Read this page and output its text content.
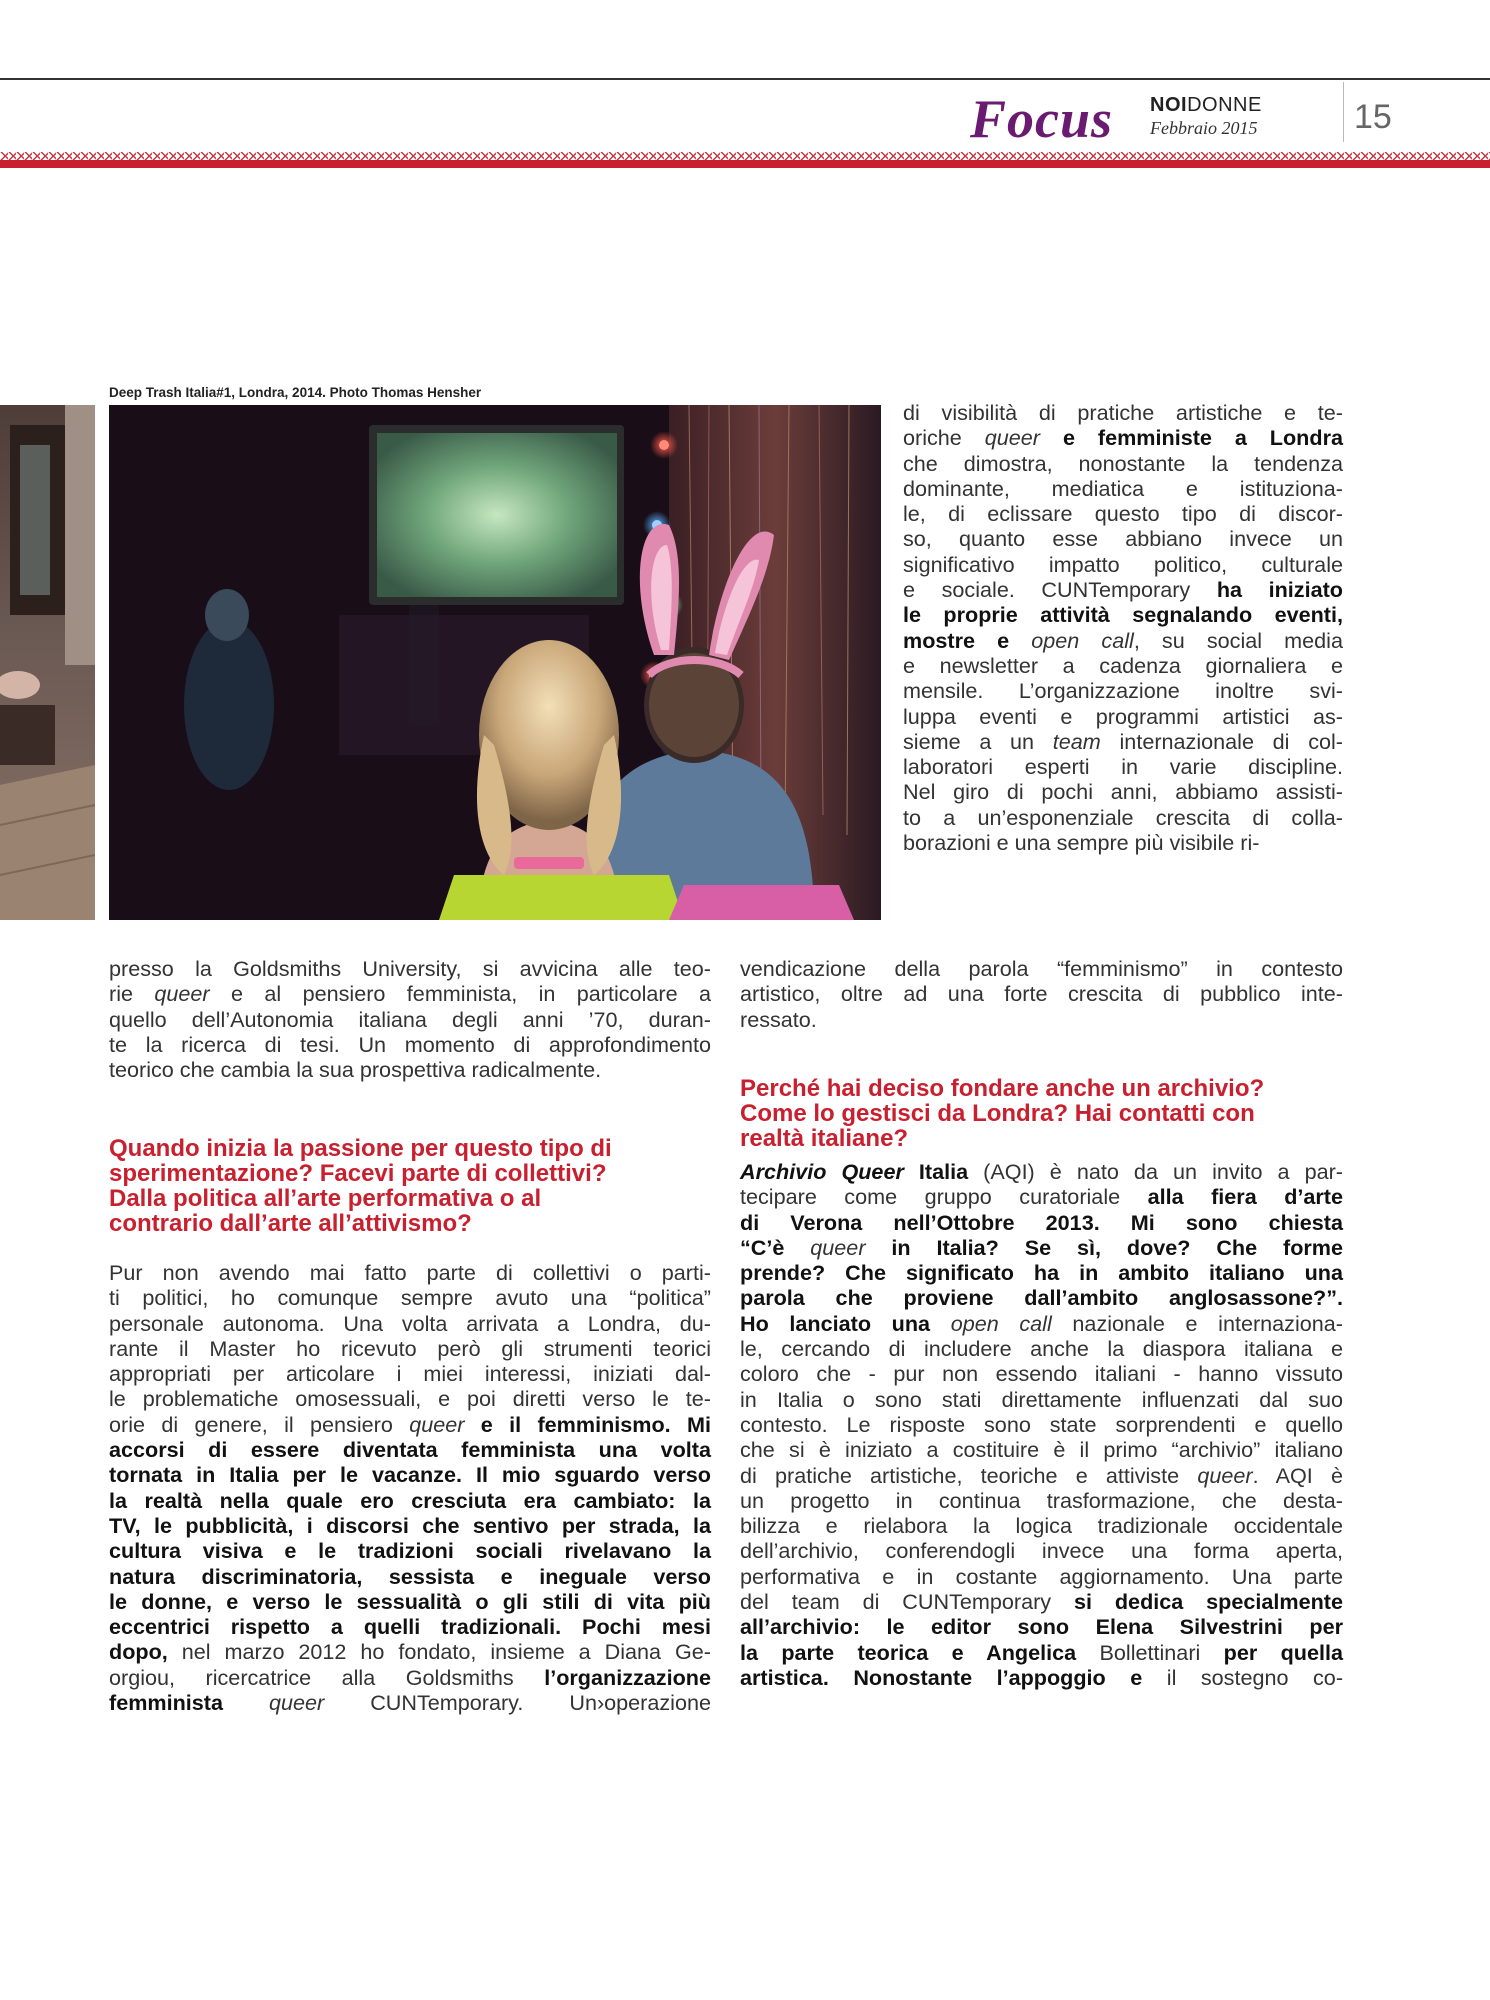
Focus NOIDONNE
Febbraio 2015	15
Deep Trash Italia#1, Londra, 2014. Photo Thomas Hensher
di visibilità di pratiche artistiche e te-
oriche queer e femministe a Londra
che dimostra, nonostante la tendenza
dominante, mediatica e istituziona-
le, di eclissare questo tipo di discor-
so, quanto esse abbiano invece un
significativo impatto politico, culturale
e sociale. CUNTemporary ha iniziato
le proprie attività segnalando eventi,
mostre e open call, su social media
e newsletter a cadenza giornaliera e
mensile. L’organizzazione inoltre svi-
luppa eventi e programmi artistici as-
sieme a un team internazionale di col-
laboratori esperti in varie discipline.
Nel giro di pochi anni, abbiamo assisti-
to a un’esponenziale crescita di colla-
borazioni e una sempre più visibile ri-
vendicazione della parola “femminismo” in contesto
artistico, oltre ad una forte crescita di pubblico inte-
ressato.
presso la Goldsmiths University, si avvicina alle teo-
rie queer e al pensiero femminista, in particolare a
quello dell’Autonomia italiana degli anni ’70, duran-
te la ricerca di tesi. Un momento di approfondimento
teorico che cambia la sua prospettiva radicalmente.
Quando inizia la passione per questo tipo di
sperimentazione? Facevi parte di collettivi?
Dalla politica all’arte performativa o al
contrario dall’arte all’attivismo?
Pur non avendo mai fatto parte di collettivi o parti-
ti politici, ho comunque sempre avuto una “politica”
personale autonoma. Una volta arrivata a Londra, du-
rante il Master ho ricevuto però gli strumenti teorici
appropriati per articolare i miei interessi, iniziati dal-
le problematiche omosessuali, e poi diretti verso le te-
orie di genere, il pensiero queer e il femminismo. Mi
accorsi di essere diventata femminista una volta
tornata in Italia per le vacanze. Il mio sguardo verso
la realtà nella quale ero cresciuta era cambiato: la
TV, le pubblicità, i discorsi che sentivo per strada, la
cultura visiva e le tradizioni sociali rivelavano la
natura discriminatoria, sessista e ineguale verso
le donne, e verso le sessualità o gli stili di vita più
eccentrici rispetto a quelli tradizionali. Pochi mesi
dopo, nel marzo 2012 ho fondato, insieme a Diana Ge-
orgiou, ricercatrice alla Goldsmiths l’organizzazione
femminista queer CUNTemporary. Un›operazione
Perché hai deciso fondare anche un archivio?
Come lo gestisci da Londra? Hai contatti con
realtà italiane?
Archivio Queer Italia (AQI) è nato da un invito a par-
tecipare come gruppo curatoriale alla fiera d’arte
di Verona nell’Ottobre 2013. Mi sono chiesta
“C’è queer in Italia? Se sì, dove? Che forme
prende? Che significato ha in ambito italiano una
parola che proviene dall’ambito anglosassone?”.
Ho lanciato una open call nazionale e internaziona-
le, cercando di includere anche la diaspora italiana e
coloro che - pur non essendo italiani - hanno vissuto
in Italia o sono stati direttamente influenzati dal suo
contesto. Le risposte sono state sorprendenti e quello
che si è iniziato a costituire è il primo “archivio” italiano
di pratiche artistiche, teoriche e attiviste queer. AQI è
un progetto in continua trasformazione, che desta-
bilizza e rielabora la logica tradizionale occidentale
dell’archivio, conferendogli invece una forma aperta,
performativa e in costante aggiornamento. Una parte
del team di CUNTemporary si dedica specialmente
all’archivio: le editor sono Elena Silvestrini per
la parte teorica e Angelica Bollettinari per quella
artistica. Nonostante l’appoggio e il sostegno co-
